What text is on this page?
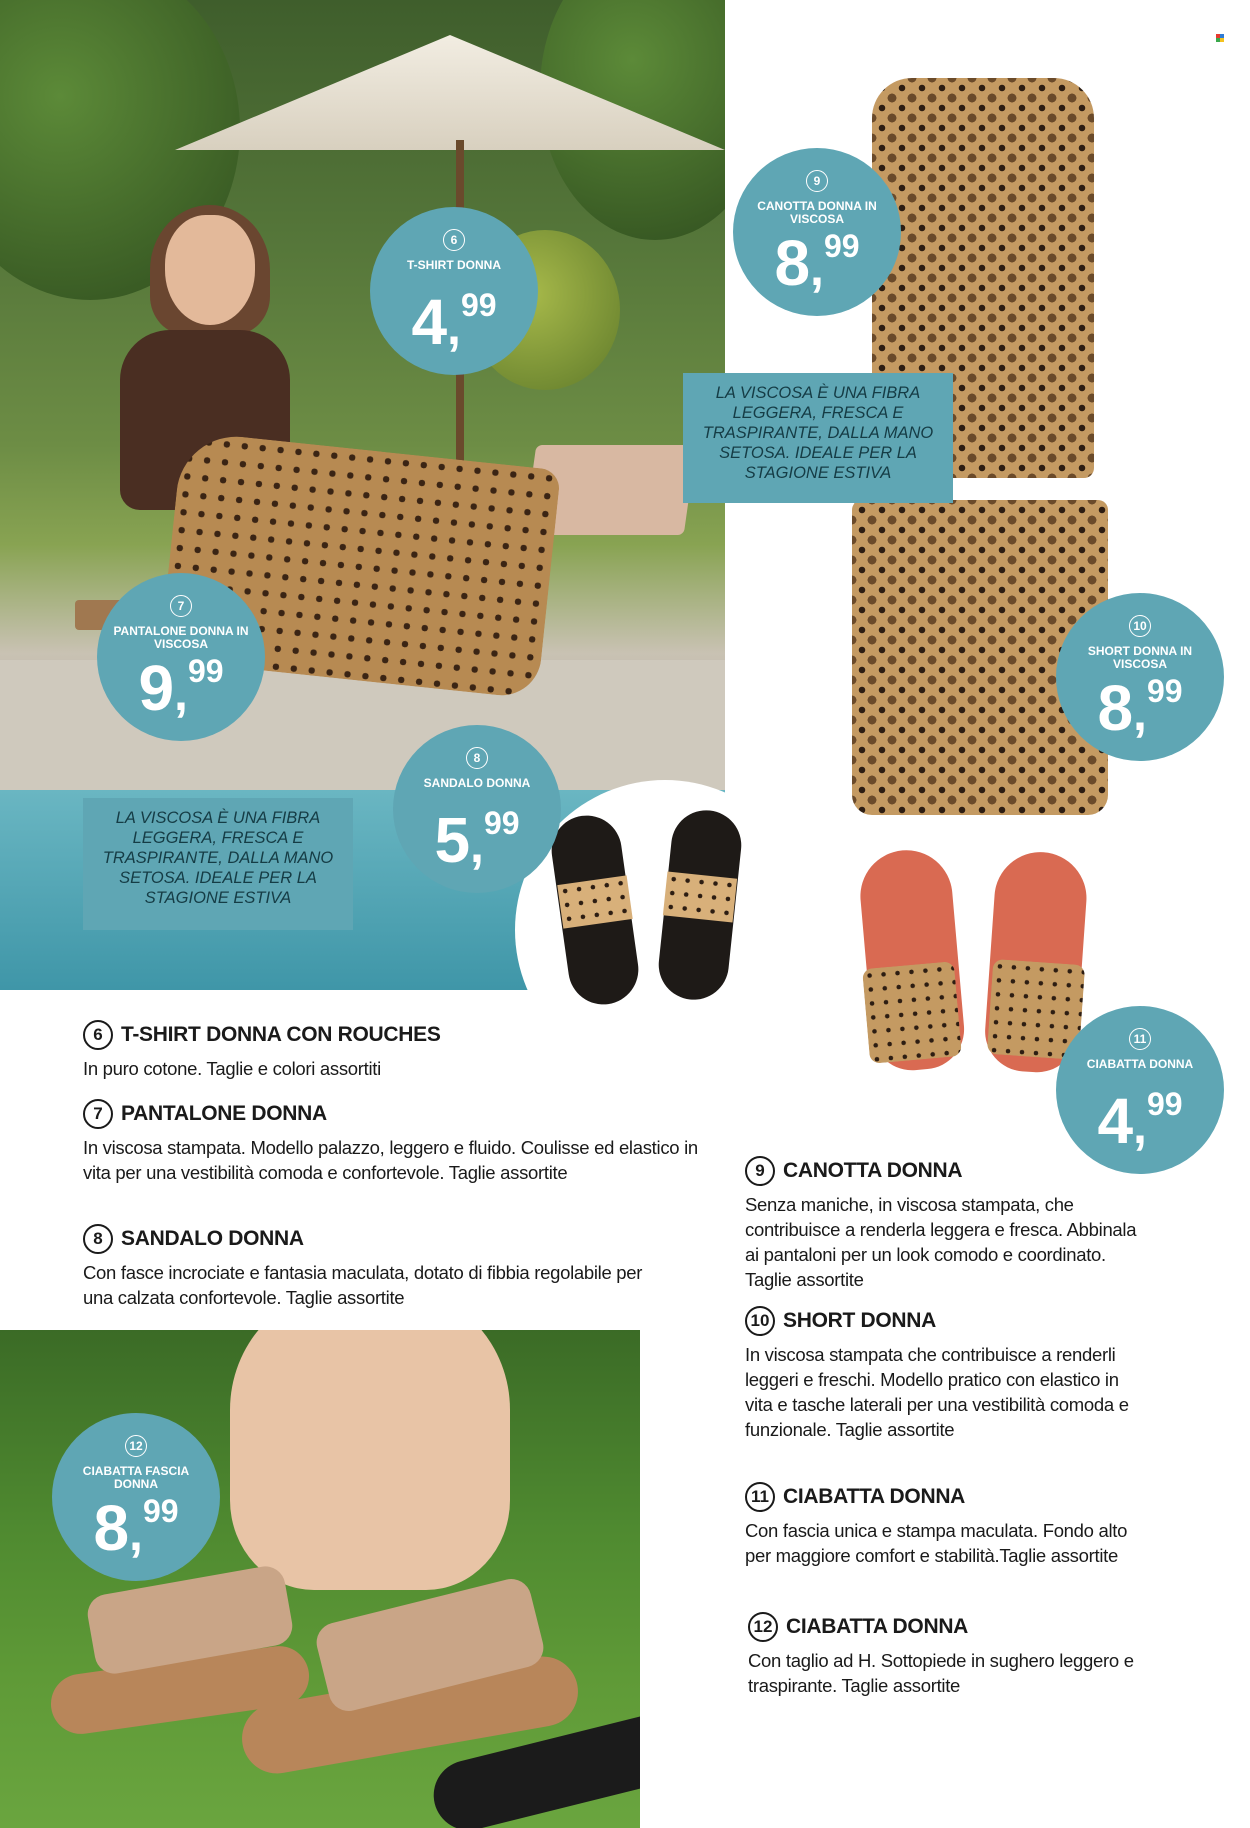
LA VISCOSA È UNA FIBRA LEGGERA, FRESCA E TRASPIRANTE, DALLA MANO SETOSA. IDEALE PER LA STAGIONE ESTIVA
LA VISCOSA È UNA FIBRA LEGGERA, FRESCA E TRASPIRANTE, DALLA MANO SETOSA. IDEALE PER LA STAGIONE ESTIVA
6
T-SHIRT DONNA
4,99
7
PANTALONE DONNA IN VISCOSA
9,99
8
SANDALO DONNA
5,99
9
CANOTTA DONNA IN VISCOSA
8,99
10
SHORT DONNA IN VISCOSA
8,99
11
CIABATTA DONNA
4,99
12
CIABATTA FASCIA DONNA
8,99
6 T-SHIRT DONNA CON ROUCHES
In puro cotone. Taglie e colori assortiti
7 PANTALONE DONNA
In viscosa stampata. Modello palazzo, leggero e fluido. Coulisse ed elastico in vita per una vestibilità comoda e confortevole. Taglie assortite
8 SANDALO DONNA
Con fasce incrociate e fantasia maculata, dotato di fibbia regolabile per una calzata confortevole. Taglie assortite
9 CANOTTA DONNA
Senza maniche, in viscosa stampata, che contribuisce a renderla leggera e fresca. Abbinala ai pantaloni per un look comodo e coordinato. Taglie assortite
10 SHORT DONNA
In viscosa stampata che contribuisce a renderli leggeri e freschi. Modello pratico con elastico in vita e tasche laterali per una vestibilità comoda e funzionale. Taglie assortite
11 CIABATTA DONNA
Con fascia unica e stampa maculata. Fondo alto per maggiore comfort e stabilità.Taglie assortite
12 CIABATTA DONNA
Con taglio ad H. Sottopiede in sughero leggero e traspirante. Taglie assortite
